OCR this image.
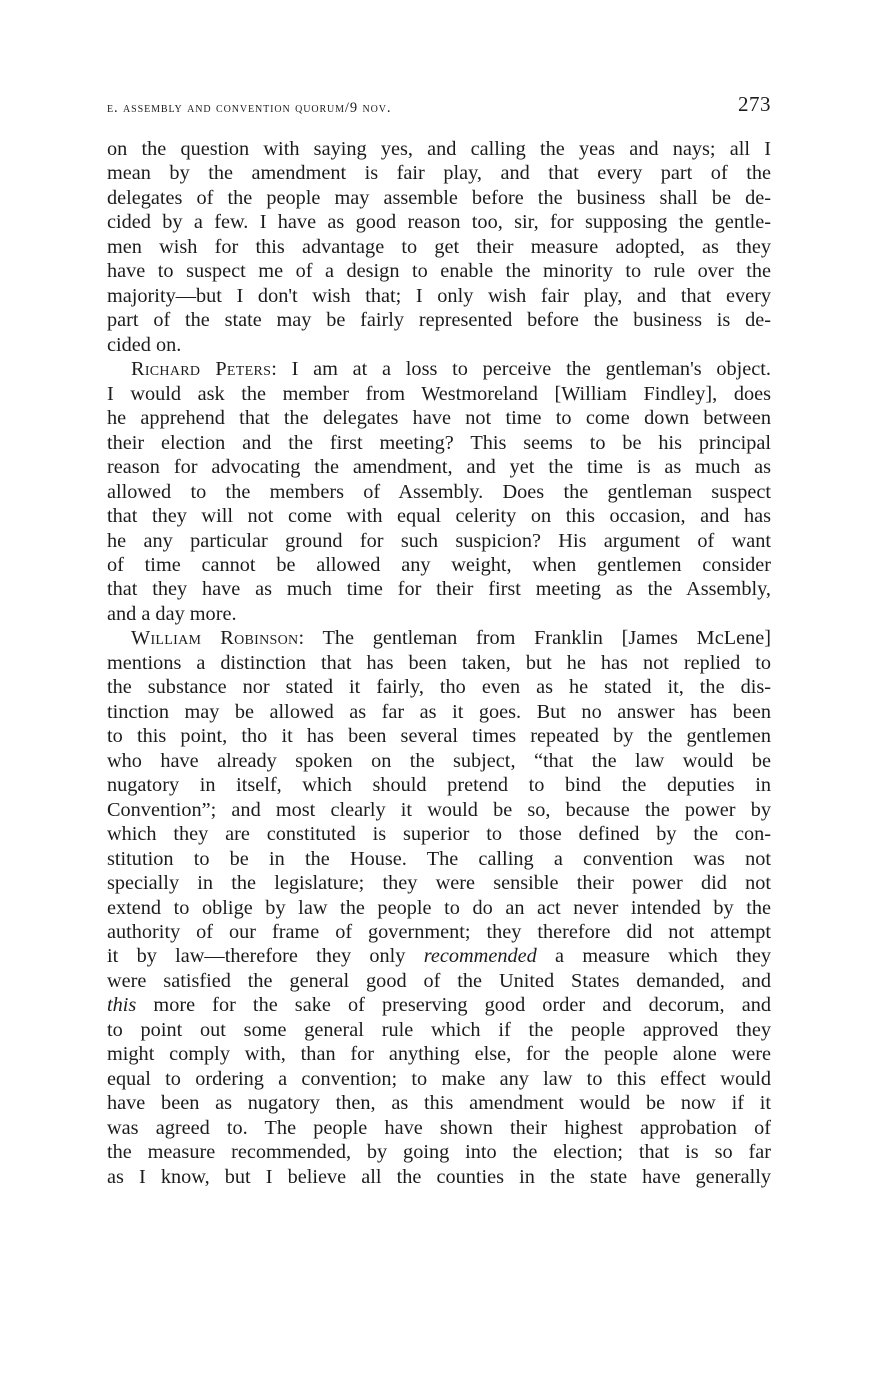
e. assembly and convention quorum/9 nov.	273
on the question with saying yes, and calling the yeas and nays; all I
mean by the amendment is fair play, and that every part of the
delegates of the people may assemble before the business shall be de-
cided by a few. I have as good reason too, sir, for supposing the gentle-
men wish for this advantage to get their measure adopted, as they
have to suspect me of a design to enable the minority to rule over the
majority—but I don't wish that; I only wish fair play, and that every
part of the state may be fairly represented before the business is de-
cided on.
Richard Peters: I am at a loss to perceive the gentleman's object.
I would ask the member from Westmoreland [William Findley], does
he apprehend that the delegates have not time to come down between
their election and the first meeting? This seems to be his principal
reason for advocating the amendment, and yet the time is as much as
allowed to the members of Assembly. Does the gentleman suspect
that they will not come with equal celerity on this occasion, and has
he any particular ground for such suspicion? His argument of want
of time cannot be allowed any weight, when gentlemen consider
that they have as much time for their first meeting as the Assembly,
and a day more.
William Robinson: The gentleman from Franklin [James McLene]
mentions a distinction that has been taken, but he has not replied to
the substance nor stated it fairly, tho even as he stated it, the dis-
tinction may be allowed as far as it goes. But no answer has been
to this point, tho it has been several times repeated by the gentlemen
who have already spoken on the subject, “that the law would be
nugatory in itself, which should pretend to bind the deputies in
Convention”; and most clearly it would be so, because the power by
which they are constituted is superior to those defined by the con-
stitution to be in the House. The calling a convention was not
specially in the legislature; they were sensible their power did not
extend to oblige by law the people to do an act never intended by the
authority of our frame of government; they therefore did not attempt
it by law—therefore they only recommended a measure which they
were satisfied the general good of the United States demanded, and
this more for the sake of preserving good order and decorum, and
to point out some general rule which if the people approved they
might comply with, than for anything else, for the people alone were
equal to ordering a convention; to make any law to this effect would
have been as nugatory then, as this amendment would be now if it
was agreed to. The people have shown their highest approbation of
the measure recommended, by going into the election; that is so far
as I know, but I believe all the counties in the state have generally
